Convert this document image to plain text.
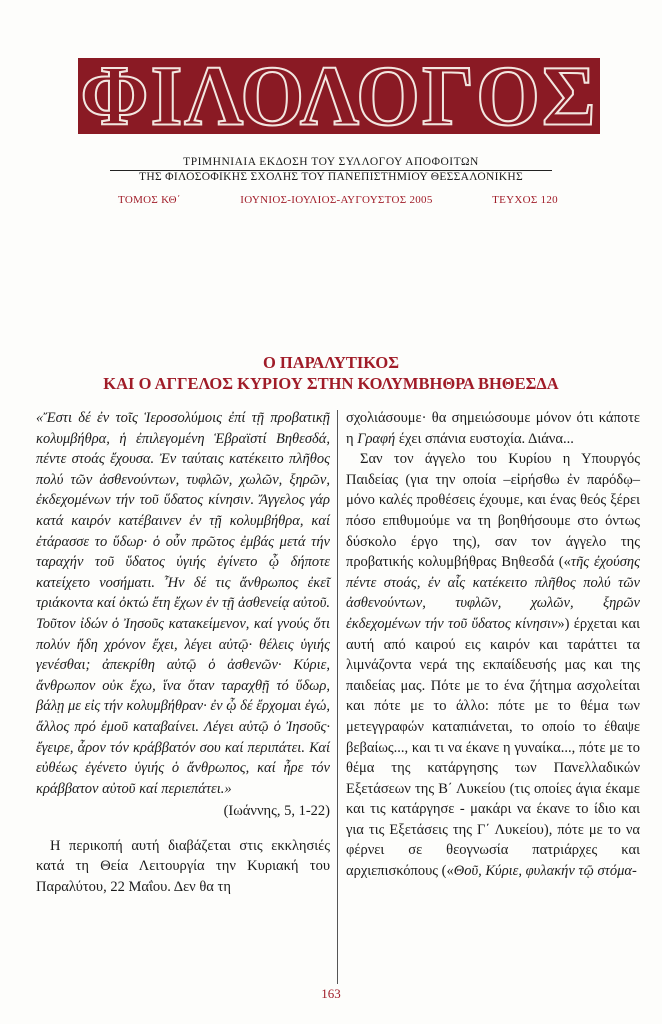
ΦΙΛΟΛΟΓΟΣ
ΤΡΙΜΗΝΙΑΙΑ ΕΚΔΟΣΗ ΤΟΥ ΣΥΛΛΟΓΟΥ ΑΠΟΦΟΙΤΩΝ
ΤΗΣ ΦΙΛΟΣΟΦΙΚΗΣ ΣΧΟΛΗΣ ΤΟΥ ΠΑΝΕΠΙΣΤΗΜΙΟΥ ΘΕΣΣΑΛΟΝΙΚΗΣ
ΤΟΜΟΣ ΚΘ΄	ΙΟΥΝΙΟΣ-ΙΟΥΛΙΟΣ-ΑΥΓΟΥΣΤΟΣ 2005	ΤΕΥΧΟΣ 120
Ο ΠΑΡΑΛΥΤΙΚΟΣ
ΚΑΙ Ο ΑΓΓΕΛΟΣ ΚΥΡΙΟΥ ΣΤΗΝ ΚΟΛΥΜΒΗΘΡΑ ΒΗΘΕΣΔΑ

«Ἔστι δέ ἐν τοῖς Ἱεροσολύμοις ἐπί τῇ προβατικῇ κολυμβήθρα, ἡ ἐπιλεγομένη Ἑβραϊστί Βηθεσδά, πέντε στοάς ἔχουσα. Ἐν ταύταις κατέκειτο πλῆθος πολύ τῶν ἀσθενούντων, τυφλῶν, χωλῶν, ξηρῶν, ἐκδεχομένων τήν τοῦ ὕδατος κίνησιν. Ἄγγελος γάρ κατά καιρόν κατέβαινεν ἐν τῇ κολυμβήθρα, καί ἐτάρασσε το ὕδωρ· ὁ οὖν πρῶτος ἐμβάς μετά τήν ταραχήν τοῦ ὕδατος ὑγιής ἐγίνετο ᾧ δήποτε κατείχετο νοσήματι. Ἦν δέ τις ἄνθρωπος ἐκεῖ τριάκοντα καί ὀκτώ ἔτη ἔχων ἐν τῇ ἀσθενείᾳ αὐτοῦ. Τοῦτον ἰδών ὁ Ἰησοῦς κατακείμενον, καί γνούς ὅτι πολύν ἤδη χρόνον ἔχει, λέγει αὐτῷ· θέλεις ὑγιής γενέσθαι; ἀπεκρίθη αὐτῷ ὁ ἀσθενῶν· Κύριε, ἄνθρωπον οὐκ ἔχω, ἵνα ὅταν ταραχθῇ τό ὕδωρ, βάλῃ με εἰς τήν κολυμβήθραν· ἐν ᾧ δέ ἔρχομαι ἐγώ, ἄλλος πρό ἐμοῦ καταβαίνει. Λέγει αὐτῷ ὁ Ἰησοῦς· ἔγειρε, ἆρον τόν κράββατόν σου καί περιπάτει. Καί εὐθέως ἐγένετο ὑγιής ὁ ἄνθρωπος, καί ἦρε τόν κράββατον αὐτοῦ καί περιεπάτει.»

(Ιωάννης, 5, 1-22)

Η περικοπή αυτή διαβάζεται στις εκκλησιές κατά τη Θεία Λειτουργία την Κυριακή του Παραλύτου, 22 Μαΐου. Δεν θα τη

σχολιάσουμε· θα σημειώσουμε μόνον ότι κάποτε η Γραφή έχει σπάνια ευστοχία. Διάνα...

Σαν τον άγγελο του Κυρίου η Υπουργός Παιδείας (για την οποία –εἰρήσθω ἐν παρόδῳ– μόνο καλές προθέσεις έχουμε, και ένας θεός ξέρει πόσο επιθυμούμε να τη βοηθήσουμε στο όντως δύσκολο έργο της), σαν τον άγγελο της προβατικής κολυμβήθρας Βηθεσδά («τῆς ἐχούσης πέντε στοάς, ἐν αἷς κατέκειτο πλῆθος πολύ τῶν ἀσθενούντων, τυφλῶν, χωλῶν, ξηρῶν ἐκδεχομένων τήν τοῦ ὕδατος κίνησιν») έρχεται και αυτή από καιρού εις καιρόν και ταράττει τα λιμνάζοντα νερά της εκπαίδευσής μας και της παιδείας μας. Πότε με το ένα ζήτημα ασχολείται και πότε με το άλλο: πότε με το θέμα των μετεγγραφών καταπιάνεται, το οποίο το έθαψε βεβαίως..., και τι να έκανε η γυναίκα..., πότε με το θέμα της κατάργησης των Πανελλαδικών Εξετάσεων της Β΄ Λυκείου (τις οποίες άγια έκαμε και τις κατάργησε - μακάρι να έκανε το ίδιο και για τις Εξετάσεις της Γ΄ Λυκείου), πότε με το να φέρνει σε θεογνωσία πατριάρχες και αρχιεπισκόπους («Θοῦ, Κύριε, φυλακήν τῷ στόμα-

163
